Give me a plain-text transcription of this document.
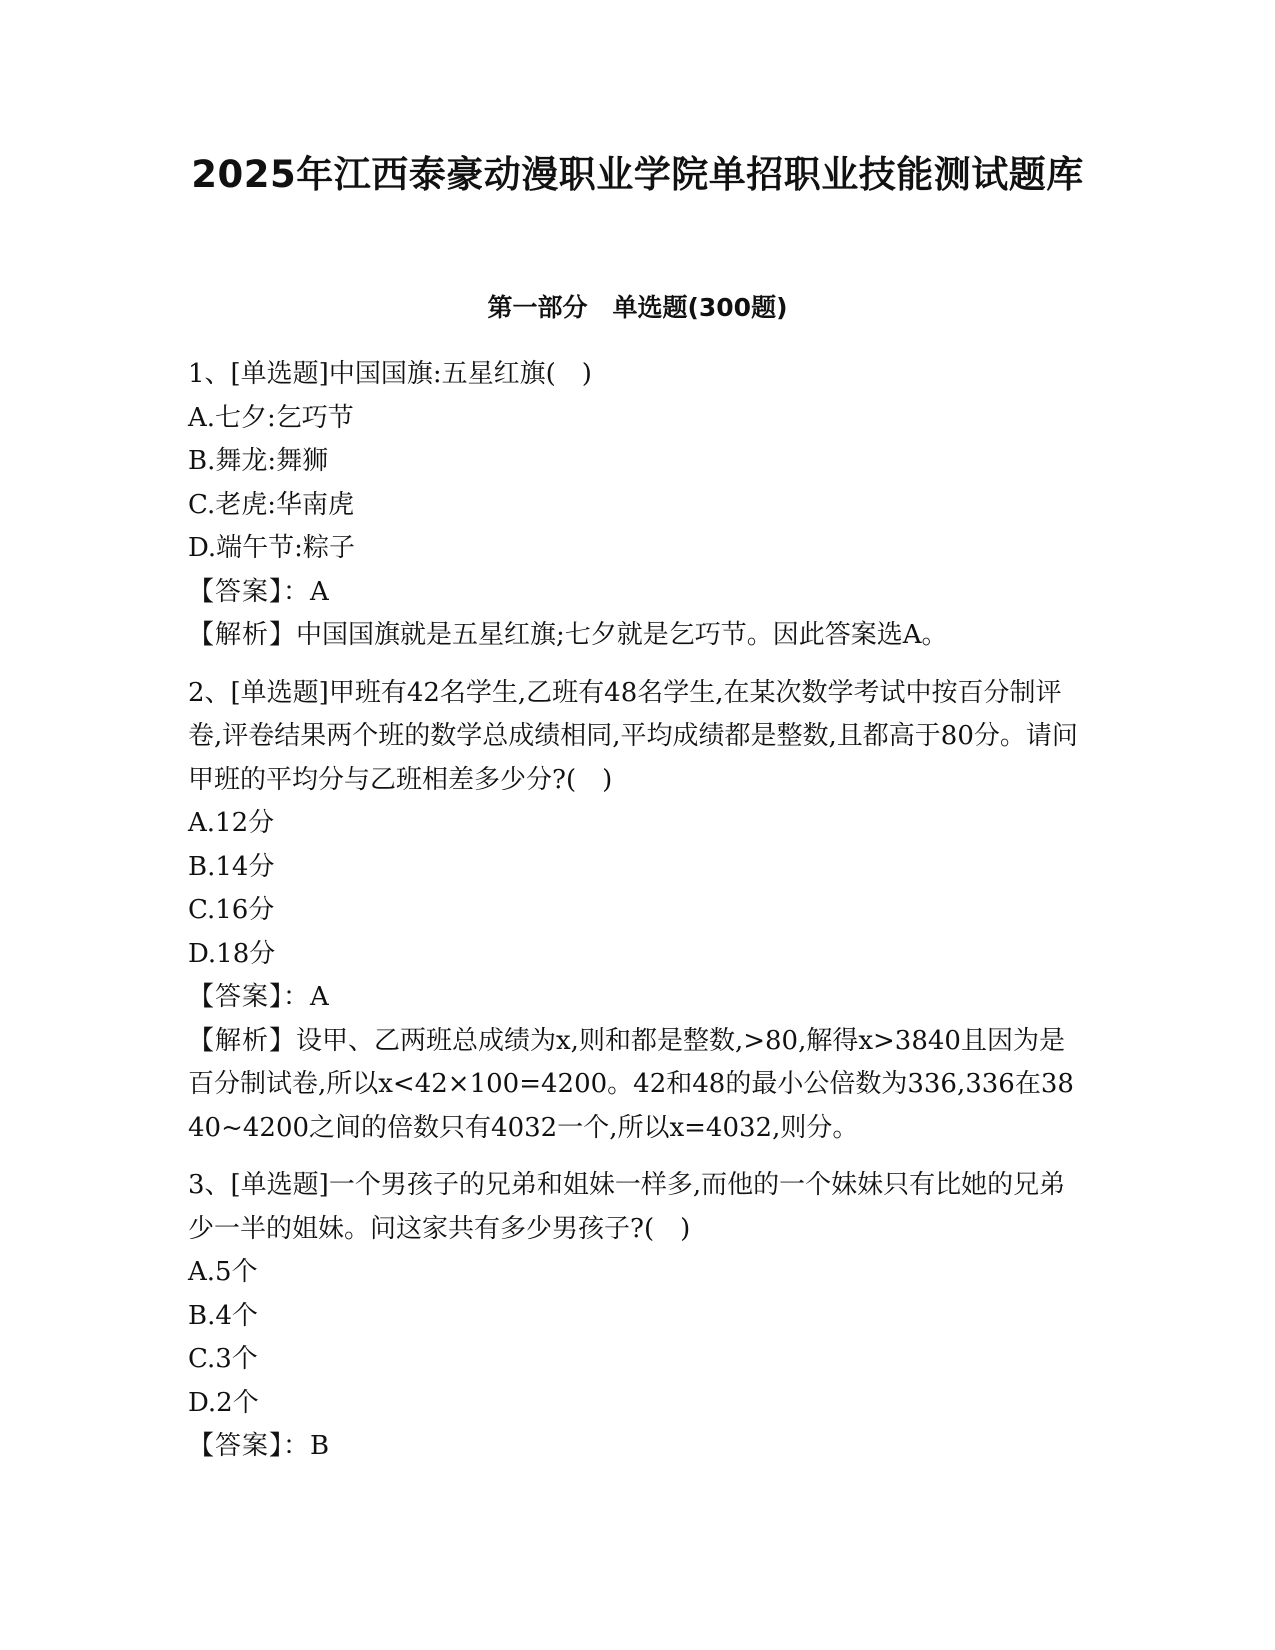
2025年江西泰豪动漫职业学院单招职业技能测试题库
第一部分　单选题(300题)
1、[单选题]中国国旗:五星红旗(　)
A.七夕:乞巧节
B.舞龙:舞狮
C.老虎:华南虎
D.端午节:粽子
【答案】：A
【解析】中国国旗就是五星红旗;七夕就是乞巧节。因此答案选A。
2、[单选题]甲班有42名学生,乙班有48名学生,在某次数学考试中按百分制评卷,评卷结果两个班的数学总成绩相同,平均成绩都是整数,且都高于80分。请问甲班的平均分与乙班相差多少分?(　)
A.12分
B.14分
C.16分
D.18分
【答案】：A
【解析】设甲、乙两班总成绩为x,则和都是整数,>80,解得x>3840且因为是百分制试卷,所以x<42×100=4200。42和48的最小公倍数为336,336在3840~4200之间的倍数只有4032一个,所以x=4032,则分。
3、[单选题]一个男孩子的兄弟和姐妹一样多,而他的一个妹妹只有比她的兄弟少一半的姐妹。问这家共有多少男孩子?(　)
A.5个
B.4个
C.3个
D.2个
【答案】：B
